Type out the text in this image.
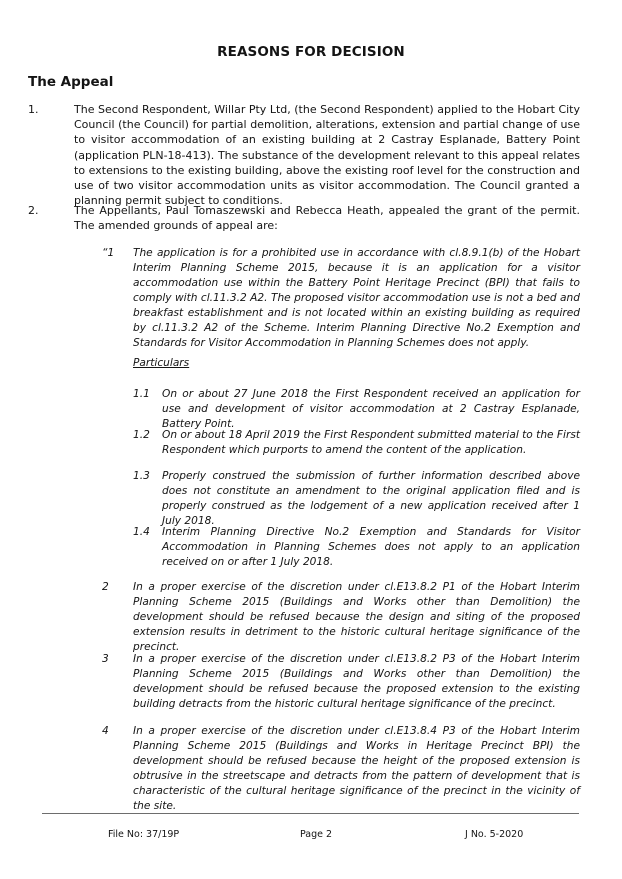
REASONS FOR DECISION
The Appeal
1.	The Second Respondent, Willar Pty Ltd, (the Second Respondent) applied to the Hobart City Council (the Council) for partial demolition, alterations, extension and partial change of use to visitor accommodation of an existing building at 2 Castray Esplanade, Battery Point (application PLN-18-413). The substance of the development relevant to this appeal relates to extensions to the existing building, above the existing roof level for the construction and use of two visitor accommodation units as visitor accommodation. The Council granted a planning permit subject to conditions.
2.	The Appellants, Paul Tomaszewski and Rebecca Heath, appealed the grant of the permit. The amended grounds of appeal are:
“1	The application is for a prohibited use in accordance with cl.8.9.1(b) of the Hobart Interim Planning Scheme 2015, because it is an application for a visitor accommodation use within the Battery Point Heritage Precinct (BPI) that fails to comply with cl.11.3.2 A2. The proposed visitor accommodation use is not a bed and breakfast establishment and is not located within an existing building as required by cl.11.3.2 A2 of the Scheme. Interim Planning Directive No.2 Exemption and Standards for Visitor Accommodation in Planning Schemes does not apply.
Particulars
1.1	On or about 27 June 2018 the First Respondent received an application for use and development of visitor accommodation at 2 Castray Esplanade, Battery Point.
1.2	On or about 18 April 2019 the First Respondent submitted material to the First Respondent which purports to amend the content of the application.
1.3	Properly construed the submission of further information described above does not constitute an amendment to the original application filed and is properly construed as the lodgement of a new application received after 1 July 2018.
1.4	Interim Planning Directive No.2 Exemption and Standards for Visitor Accommodation in Planning Schemes does not apply to an application received on or after 1 July 2018.
2	In a proper exercise of the discretion under cl.E13.8.2 P1 of the Hobart Interim Planning Scheme 2015 (Buildings and Works other than Demolition) the development should be refused because the design and siting of the proposed extension results in detriment to the historic cultural heritage significance of the precinct.
3	In a proper exercise of the discretion under cl.E13.8.2 P3 of the Hobart Interim Planning Scheme 2015 (Buildings and Works other than Demolition) the development should be refused because the proposed extension to the existing building detracts from the historic cultural heritage significance of the precinct.
4	In a proper exercise of the discretion under cl.E13.8.4 P3 of the Hobart Interim Planning Scheme 2015 (Buildings and Works in Heritage Precinct BPI) the development should be refused because the height of the proposed extension is obtrusive in the streetscape and detracts from the pattern of development that is characteristic of the cultural heritage significance of the precinct in the vicinity of the site.
File No: 37/19P	Page 2	J No. 5-2020
